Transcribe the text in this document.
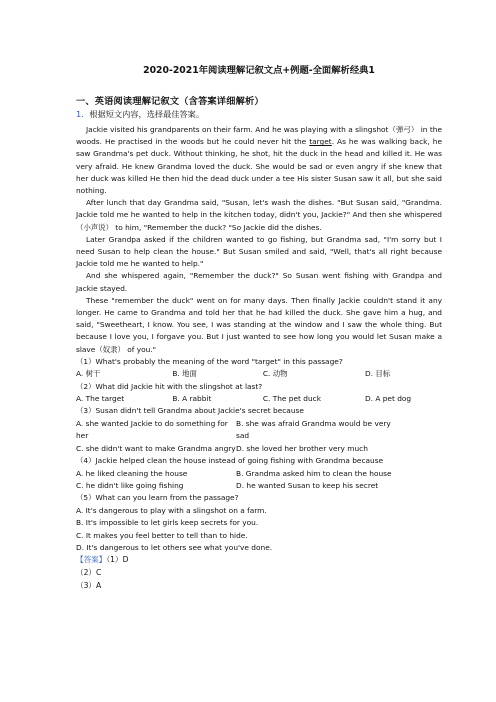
2020-2021年阅读理解记叙文点+例题-全面解析经典1
一、英语阅读理解记叙文（含答案详细解析）
1．根据短文内容，选择最佳答案。

Jackie visited his grandparents on their farm. And he was playing with a slingshot（弹弓） in the woods. He practised in the woods but he could never hit the target. As he was walking back, he saw Grandma's pet duck. Without thinking, he shot, hit the duck in the head and killed it. He was very afraid. He knew Grandma loved the duck. She would be sad or even angry if she knew that her duck was killed He then hid the dead duck under a tee His sister Susan saw it all, but she said nothing.

After lunch that day Grandma said, "Susan, let's wash the dishes. "But Susan said, "Grandma. Jackie told me he wanted to help in the kitchen today, didn't you, Jackie?" And then she whispered（小声说） to him, "Remember the duck? "So Jackie did the dishes.

Later Grandpa asked if the children wanted to go fishing, but Grandma sad, "I'm sorry but I need Susan to help clean the house." But Susan smiled and said, "Well, that's all right because Jackie told me he wanted to help."

And she whispered again, "Remember the duck?" So Susan went fishing with Grandpa and Jackie stayed.

These "remember the duck" went on for many days. Then finally Jackie couldn't stand it any longer. He came to Grandma and told her that he had killed the duck. She gave him a hug, and said, "Sweetheart, I know. You see, I was standing at the window and I saw the whole thing. But because I love you, I forgave you. But I just wanted to see how long you would let Susan make a slave（奴隶） of you."

（1）What's probably the meaning of the word "target" in this passage?
A. 树干	B. 地面	C. 动物	D. 目标
（2）What did Jackie hit with the slingshot at last?
A. The target	B. A rabbit	C. The pet duck	D. A pet dog
（3）Susan didn't tell Grandma about Jackie's secret because
A. she wanted Jackie to do something for her
B. she was afraid Grandma would be very sad
C. she didn't want to make Grandma angry D. she loved her brother very much
（4）Jackie helped clean the house instead of going fishing with Grandma because
A. he liked cleaning the house	B. Grandma asked him to clean the house
C. he didn't like going fishing	D. he wanted Susan to keep his secret
（5）What can you learn from the passage?
A. It's dangerous to play with a slingshot on a farm.
B. It's impossible to let girls keep secrets for you.
C. It makes you feel better to tell than to hide.
D. It's dangerous to let others see what you've done.
【答案】（1）D
（2）C
（3）A
